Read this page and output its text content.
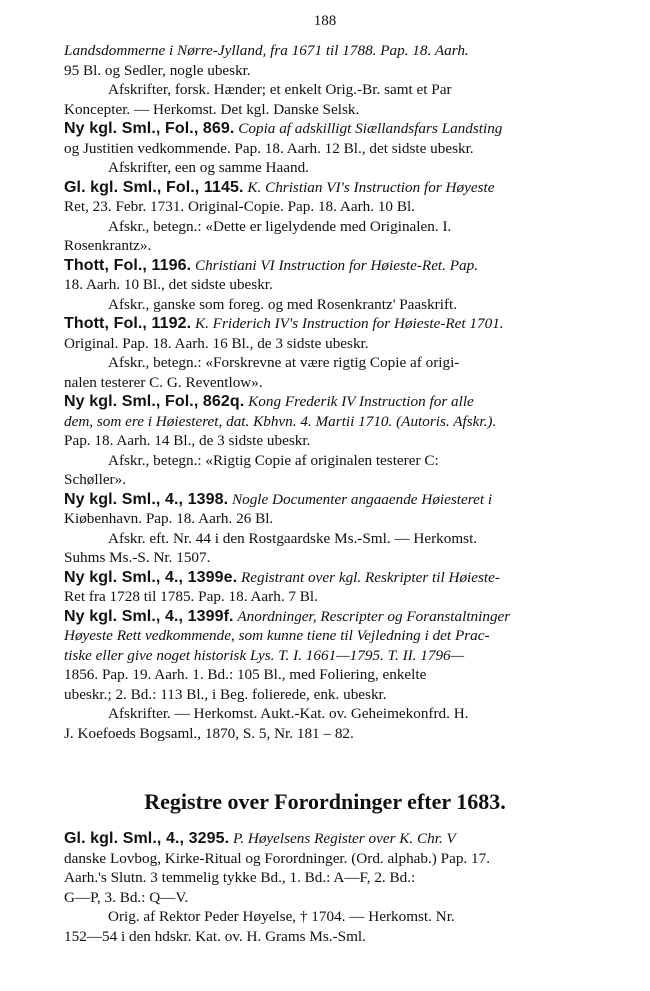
188
Landsdommerne i Nørre-Jylland, fra 1671 til 1788. Pap. 18. Aarh.
95 Bl. og Sedler, nogle ubeskr.
Afskrifter, forsk. Hænder; et enkelt Orig.-Br. samt et Par
Koncepter. — Herkomst. Det kgl. Danske Selsk.
Ny kgl. Sml., Fol., 869. Copia af adskilligt Siællandsfars Landsting
og Justitien vedkommende. Pap. 18. Aarh. 12 Bl., det sidste ubeskr.
Afskrifter, een og samme Haand.
Gl. kgl. Sml., Fol., 1145. K. Christian VI's Instruction for Høyeste
Ret, 23. Febr. 1731. Original-Copie. Pap. 18. Aarh. 10 Bl.
Afskr., betegn.: «Dette er ligelydende med Originalen. I.
Rosenkrantz».
Thott, Fol., 1196. Christiani VI Instruction for Høieste-Ret. Pap.
18. Aarh. 10 Bl., det sidste ubeskr.
Afskr., ganske som foreg. og med Rosenkrantz' Paaskrift.
Thott, Fol., 1192. K. Friderich IV's Instruction for Høieste-Ret 1701.
Original. Pap. 18. Aarh. 16 Bl., de 3 sidste ubeskr.
Afskr., betegn.: «Forskrevne at være rigtig Copie af origi-
nalen testerer C. G. Reventlow».
Ny kgl. Sml., Fol., 862q. Kong Frederik IV Instruction for alle
dem, som ere i Høiesteret, dat. Kbhvn. 4. Martii 1710. (Autoris. Afskr.).
Pap. 18. Aarh. 14 Bl., de 3 sidste ubeskr.
Afskr., betegn.: «Rigtig Copie af originalen testerer C:
Schøller».
Ny kgl. Sml., 4., 1398. Nogle Documenter angaaende Høiesteret i
Kiøbenhavn. Pap. 18. Aarh. 26 Bl.
Afskr. eft. Nr. 44 i den Rostgaardske Ms.-Sml. — Herkomst.
Suhms Ms.-S. Nr. 1507.
Ny kgl. Sml., 4., 1399e. Registrant over kgl. Reskripter til Høieste-
Ret fra 1728 til 1785. Pap. 18. Aarh. 7 Bl.
Ny kgl. Sml., 4., 1399f. Anordninger, Rescripter og Foranstaltninger
Høyeste Rett vedkommende, som kunne tiene til Vejledning i det Prac-
tiske eller give noget historisk Lys. T. I. 1661—1795. T. II. 1796—
1856. Pap. 19. Aarh. 1. Bd.: 105 Bl., med Foliering, enkelte
ubeskr.; 2. Bd.: 113 Bl., i Beg. folierede, enk. ubeskr.
Afskrifter. — Herkomst. Aukt.-Kat. ov. Geheimekonfrd. H.
J. Koefoeds Bogsaml., 1870, S. 5, Nr. 181 – 82.
Registre over Forordninger efter 1683.
Gl. kgl. Sml., 4., 3295. P. Høyelsens Register over K. Chr. V
danske Lovbog, Kirke-Ritual og Forordninger. (Ord. alphab.) Pap. 17.
Aarh.'s Slutn. 3 temmelig tykke Bd., 1. Bd.: A—F, 2. Bd.:
G—P, 3. Bd.: Q—V.
Orig. af Rektor Peder Høyelse, † 1704. — Herkomst. Nr.
152—54 i den hdskr. Kat. ov. H. Grams Ms.-Sml.
